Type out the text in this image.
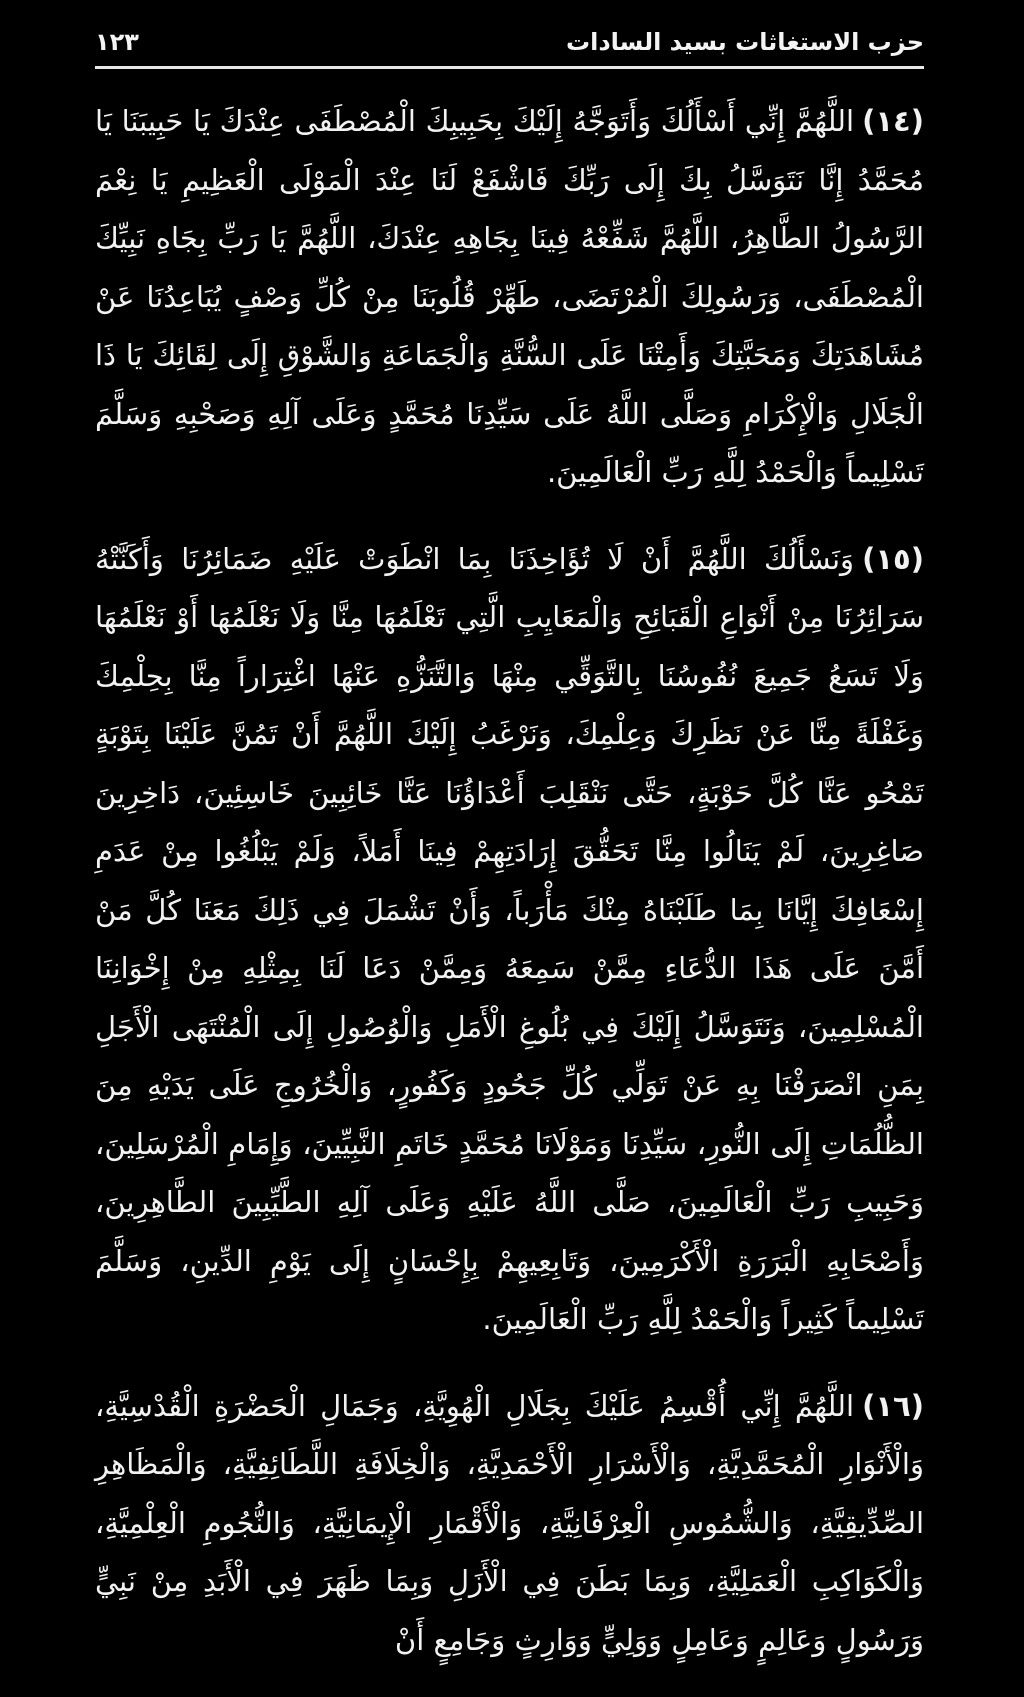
حزب الاستغاثات بسيد السادات
١٢٣

(١٤)اللَّهُمَّ إِنِّي أَسْأَلُكَ وَأَتَوَجَّهُ إِلَيْكَ بِحَبِيبِكَ الْمُصْطَفَى عِنْدَكَ يَا حَبِيبَنَا يَا مُحَمَّدُ إِنَّا نَتَوَسَّلُ بِكَ إِلَى رَبِّكَ فَاشْفَعْ لَنَا عِنْدَ الْمَوْلَى الْعَظِيمِ يَا نِعْمَ الرَّسُولُ الطَّاهِرُ، اللَّهُمَّ شَفِّعْهُ فِينَا بِجَاهِهِ عِنْدَكَ، اللَّهُمَّ يَا رَبِّ بِجَاهِ نَبِيِّكَ الْمُصْطَفَى، وَرَسُولِكَ الْمُرْتَضَى، طَهِّرْ قُلُوبَنَا مِنْ كُلِّ وَصْفٍ يُبَاعِدُنَا عَنْ مُشَاهَدَتِكَ وَمَحَبَّتِكَ وَأَمِتْنَا عَلَى السُّنَّةِ وَالْجَمَاعَةِ وَالشَّوْقِ إِلَى لِقَائِكَ يَا ذَا الْجَلَالِ وَالْإِكْرَامِ وَصَلَّى اللَّهُ عَلَى سَيِّدِنَا مُحَمَّدٍ وَعَلَى آلِهِ وَصَحْبِهِ وَسَلَّمَ تَسْلِيماً وَالْحَمْدُ لِلَّهِ رَبِّ الْعَالَمِينَ.

(١٥)وَنَسْأَلُكَ اللَّهُمَّ أَنْ لَا تُؤَاخِذَنَا بِمَا انْطَوَتْ عَلَيْهِ ضَمَائِرُنَا وَأَكَنَّتْهُ سَرَائِرُنَا مِنْ أَنْوَاعِ الْقَبَائِحِ وَالْمَعَايِبِ الَّتِي تَعْلَمُهَا مِنَّا وَلَا نَعْلَمُهَا أَوْ نَعْلَمُهَا وَلَا تَسَعُ جَمِيعَ نُفُوسُنَا بِالتَّوَقِّي مِنْهَا وَالتَّنَزُّهِ عَنْهَا اغْتِرَاراً مِنَّا بِحِلْمِكَ وَغَفْلَةً مِنَّا عَنْ نَظَرِكَ وَعِلْمِكَ، وَنَرْغَبُ إِلَيْكَ اللَّهُمَّ أَنْ تَمُنَّ عَلَيْنَا بِتَوْبَةٍ تَمْحُو عَنَّا كُلَّ حَوْبَةٍ، حَتَّى نَنْقَلِبَ أَعْدَاؤُنَا عَنَّا خَائِبِينَ خَاسِئِينَ، دَاخِرِينَ صَاغِرِينَ، لَمْ يَنَالُوا مِنَّا تَحَقُّقَ إِرَادَتِهِمْ فِينَا أَمَلاً، وَلَمْ يَبْلُغُوا مِنْ عَدَمِ إِسْعَافِكَ إِيَّانَا بِمَا طَلَبْنَاهُ مِنْكَ مَأْرَباً، وَأَنْ تَشْمَلَ فِي ذَلِكَ مَعَنَا كُلَّ مَنْ أَمَّنَ عَلَى هَذَا الدُّعَاءِ مِمَّنْ سَمِعَهُ وَمِمَّنْ دَعَا لَنَا بِمِثْلِهِ مِنْ إِخْوَانِنَا الْمُسْلِمِينَ، وَنَتَوَسَّلُ إِلَيْكَ فِي بُلُوغِ الْأَمَلِ وَالْوُصُولِ إِلَى الْمُنْتَهَى الْأَجَلِ بِمَنِ انْصَرَفْنَا بِهِ عَنْ تَوَلِّي كُلِّ جَحُودٍ وَكَفُورٍ، وَالْخُرُوجِ عَلَى يَدَيْهِ مِنَ الظُّلُمَاتِ إِلَى النُّورِ، سَيِّدِنَا وَمَوْلَانَا مُحَمَّدٍ خَاتَمِ النَّبِيِّينَ، وَإِمَامِ الْمُرْسَلِينَ، وَحَبِيبِ رَبِّ الْعَالَمِينَ، صَلَّى اللَّهُ عَلَيْهِ وَعَلَى آلِهِ الطَّيِّبِينَ الطَّاهِرِينَ، وَأَصْحَابِهِ الْبَرَرَةِ الْأَكْرَمِينَ، وَتَابِعِيهِمْ بِإِحْسَانٍ إِلَى يَوْمِ الدِّينِ، وَسَلَّمَ تَسْلِيماً كَثِيراً وَالْحَمْدُ لِلَّهِ رَبِّ الْعَالَمِينَ.

(١٦)اللَّهُمَّ إِنِّي أُقْسِمُ عَلَيْكَ بِجَلَالِ الْهُوِيَّةِ، وَجَمَالِ الْحَضْرَةِ الْقُدْسِيَّةِ، وَالْأَنْوَارِ الْمُحَمَّدِيَّةِ، وَالْأَسْرَارِ الْأَحْمَدِيَّةِ، وَالْخِلَافَةِ اللَّطَائِفِيَّةِ، وَالْمَظَاهِرِ الصِّدِّيقِيَّةِ، وَالشُّمُوسِ الْعِرْفَانِيَّةِ، وَالْأَقْمَارِ الْإِيمَانِيَّةِ، وَالنُّجُومِ الْعِلْمِيَّةِ، وَالْكَوَاكِبِ الْعَمَلِيَّةِ، وَبِمَا بَطَنَ فِي الْأَزَلِ وَبِمَا ظَهَرَ فِي الْأَبَدِ مِنْ نَبِيٍّ وَرَسُولٍ وَعَالِمٍ وَعَامِلٍ وَوَلِيٍّ وَوَارِثٍ وَجَامِعٍ أَنْ
